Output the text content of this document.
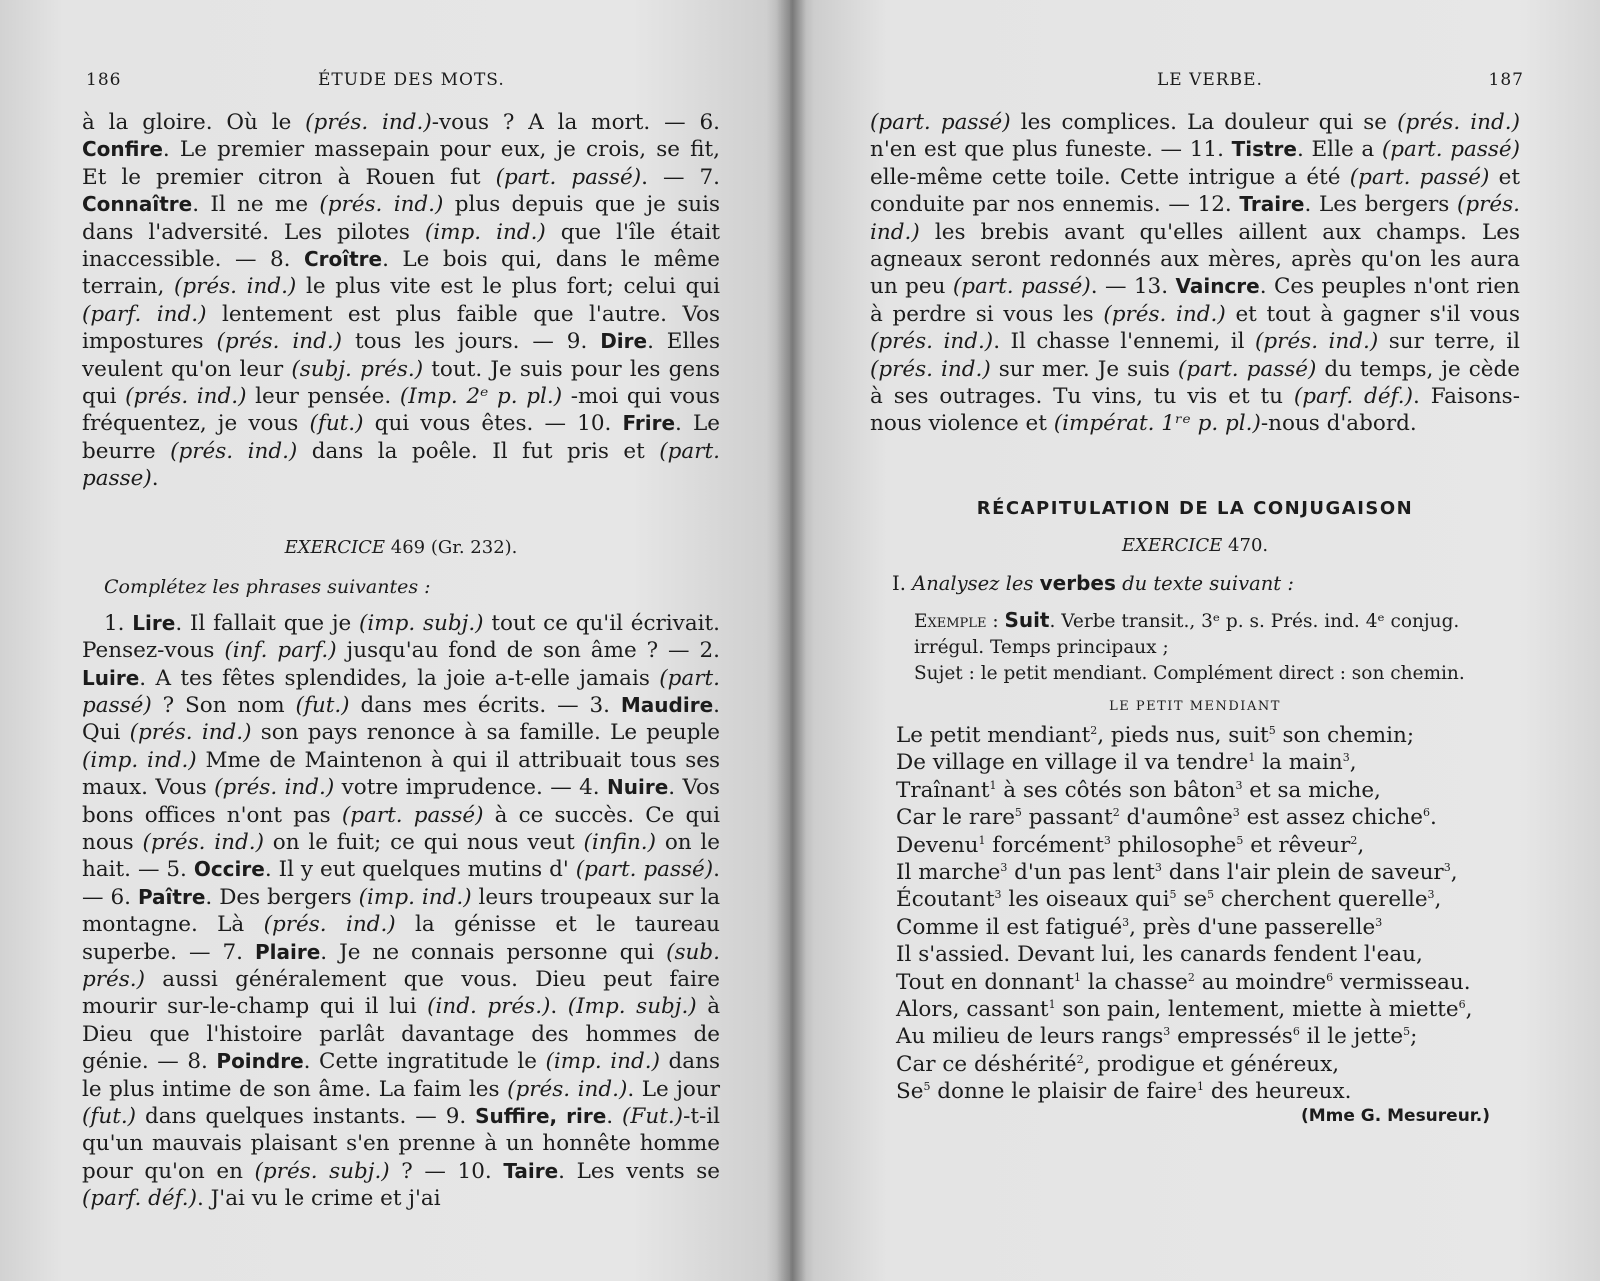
186	ÉTUDE DES MOTS.

à la gloire. Où le (prés. ind.)-vous ? A la mort. — 6. Confire. Le premier massepain pour eux, je crois, se fit, Et le premier citron à Rouen fut (part. passé). — 7. Connaître. Il ne me (prés. ind.) plus depuis que je suis dans l'adversité. Les pilotes (imp. ind.) que l'île était inaccessible. — 8. Croître. Le bois qui, dans le même terrain, (prés. ind.) le plus vite est le plus fort; celui qui (parf. ind.) lentement est plus faible que l'autre. Vos impostures (prés. ind.) tous les jours. — 9. Dire. Elles veulent qu'on leur (subj. prés.) tout. Je suis pour les gens qui (prés. ind.) leur pensée. (Imp. 2ᵉ p. pl.) -moi qui vous fréquentez, je vous (fut.) qui vous êtes. — 10. Frire. Le beurre (prés. ind.) dans la poêle. Il fut pris et (part. passe).

EXERCICE 469 (Gr. 232).

Complétez les phrases suivantes :

1. Lire. Il fallait que je (imp. subj.) tout ce qu'il écrivait. Pensez-vous (inf. parf.) jusqu'au fond de son âme ? — 2. Luire. A tes fêtes splendides, la joie a-t-elle jamais (part. passé) ? Son nom (fut.) dans mes écrits. — 3. Maudire. Qui (prés. ind.) son pays renonce à sa famille. Le peuple (imp. ind.) Mme de Maintenon à qui il attribuait tous ses maux. Vous (prés. ind.) votre imprudence. — 4. Nuire. Vos bons offices n'ont pas (part. passé) à ce succès. Ce qui nous (prés. ind.) on le fuit; ce qui nous veut (infin.) on le hait. — 5. Occire. Il y eut quelques mutins d' (part. passé). — 6. Paître. Des bergers (imp. ind.) leurs troupeaux sur la montagne. Là (prés. ind.) la génisse et le taureau superbe. — 7. Plaire. Je ne connais personne qui (sub. prés.) aussi généralement que vous. Dieu peut faire mourir sur-le-champ qui il lui (ind. prés.). (Imp. subj.) à Dieu que l'histoire parlât davantage des hommes de génie. — 8. Poindre. Cette ingratitude le (imp. ind.) dans le plus intime de son âme. La faim les (prés. ind.). Le jour (fut.) dans quelques instants. — 9. Suffire, rire. (Fut.)-t-il qu'un mauvais plaisant s'en prenne à un honnête homme pour qu'on en (prés. subj.) ? — 10. Taire. Les vents se (parf. déf.). J'ai vu le crime et j'ai

LE VERBE.	187

(part. passé) les complices. La douleur qui se (prés. ind.) n'en est que plus funeste. — 11. Tistre. Elle a (part. passé) elle-même cette toile. Cette intrigue a été (part. passé) et conduite par nos ennemis. — 12. Traire. Les bergers (prés. ind.) les brebis avant qu'elles aillent aux champs. Les agneaux seront redonnés aux mères, après qu'on les aura un peu (part. passé). — 13. Vaincre. Ces peuples n'ont rien à perdre si vous les (prés. ind.) et tout à gagner s'il vous (prés. ind.). Il chasse l'ennemi, il (prés. ind.) sur terre, il (prés. ind.) sur mer. Je suis (part. passé) du temps, je cède à ses outrages. Tu vins, tu vis et tu (parf. déf.). Faisons-nous violence et (impérat. 1ʳᵉ p. pl.)-nous d'abord.

RÉCAPITULATION DE LA CONJUGAISON

EXERCICE 470.

I. Analysez les verbes du texte suivant :

Exemple : Suit. Verbe transit., 3ᵉ p. s. Prés. ind. 4ᵉ conjug. irrégul. Temps principaux ;

Sujet : le petit mendiant. Complément direct : son chemin.

LE PETIT MENDIANT

Le petit mendiant$^2$, pieds nus, suit$^5$ son chemin;
De village en village il va tendre$^1$ la main$^3$,
Traînant$^1$ à ses côtés son bâton$^3$ et sa miche,
Car le rare$^5$ passant$^2$ d'aumône$^3$ est assez chiche$^6$.
Devenu$^1$ forcément$^3$ philosophe$^5$ et rêveur$^2$,
Il marche$^3$ d'un pas lent$^3$ dans l'air plein de saveur$^3$,
Écoutant$^3$ les oiseaux qui$^5$ $se^5$ cherchent querelle$^3$,
Comme il est fatigué$^3$, près d'une passerelle$^3$
Il s'assied. Devant lui, les canards fendent l'eau,
Tout en donnant$^1$ la chasse$^2$ au moindre$^6$ vermisseau.
Alors, cassant$^1$ son pain, lentement, miette à miette$^6$,
Au milieu de leurs rangs$^3$ empressés$^6$ il le jette$^5$;
Car ce déshérité$^2$, prodigue et généreux,
Se$^5$ donne le plaisir de faire$^1$ des heureux.

(Mme G. Mesureur.)
